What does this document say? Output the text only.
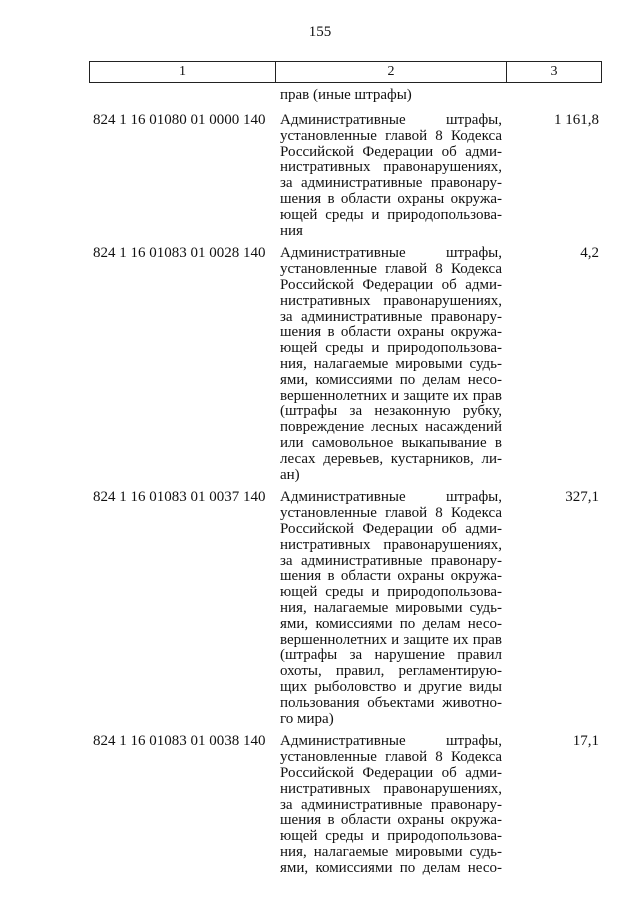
155
1	2	3
прав (иные штрафы)
824 1 16 01080 01 0000 140 Административные штрафы,
установленные главой 8 Кодекса
Российской Федерации об адми-
нистративных правонарушениях,
за административные правонару-
шения в области охраны окружа-
ющей среды и природопользова-
ния
1 161,8
824 1 16 01083 01 0028 140 Административные штрафы,
установленные главой 8 Кодекса
Российской Федерации об адми-
нистративных правонарушениях,
за административные правонару-
шения в области охраны окружа-
ющей среды и природопользова-
ния, налагаемые мировыми судь-
ями, комиссиями по делам несо-
вершеннолетних и защите их прав
(штрафы за незаконную рубку,
повреждение лесных насаждений
или самовольное выкапывание в
лесах деревьев, кустарников, ли-
ан)
4,2
824 1 16 01083 01 0037 140 Административные штрафы,
установленные главой 8 Кодекса
Российской Федерации об адми-
нистративных правонарушениях,
за административные правонару-
шения в области охраны окружа-
ющей среды и природопользова-
ния, налагаемые мировыми судь-
ями, комиссиями по делам несо-
вершеннолетних и защите их прав
(штрафы за нарушение правил
охоты, правил, регламентирую-
щих рыболовство и другие виды
пользования объектами животно-
го мира)
327,1
824 1 16 01083 01 0038 140 Административные штрафы,
установленные главой 8 Кодекса
Российской Федерации об адми-
нистративных правонарушениях,
за административные правонару-
шения в области охраны окружа-
ющей среды и природопользова-
ния, налагаемые мировыми судь-
ями, комиссиями по делам несо-
17,1
